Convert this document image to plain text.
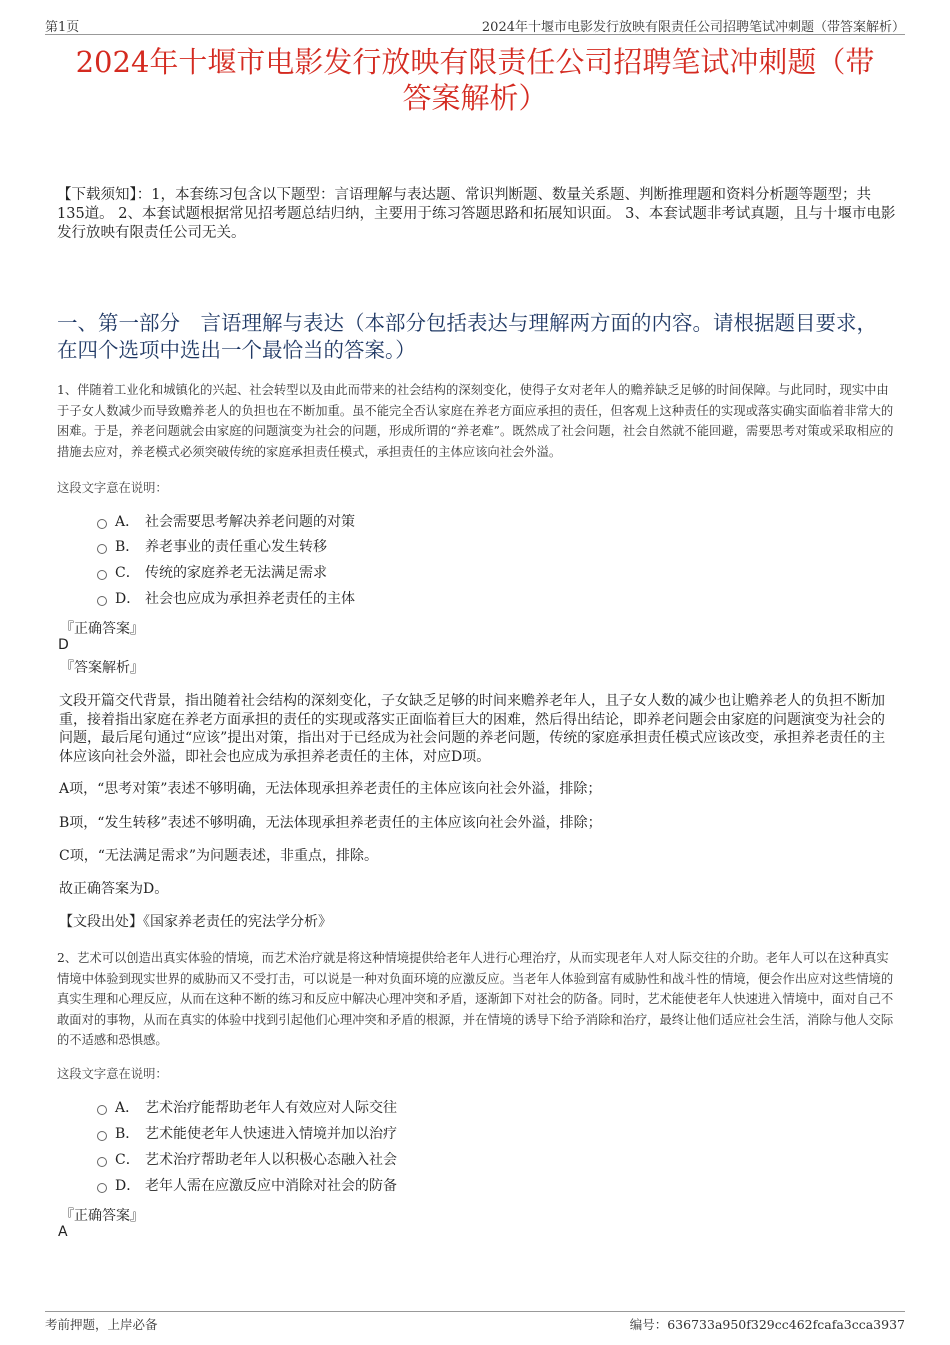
第1页	2024年十堰市电影发行放映有限责任公司招聘笔试冲刺题（带答案解析）
2024年十堰市电影发行放映有限责任公司招聘笔试冲刺题（带
答案解析）
【下载须知】：1，本套练习包含以下题型：言语理解与表达题、常识判断题、数量关系题、判断推理题和资料分析题等题型；共135道。 2、本套试题根据常见招考题总结归纳，主要用于练习答题思路和拓展知识面。 3、本套试题非考试真题，且与十堰市电影发行放映有限责任公司无关。
一、第一部分　言语理解与表达（本部分包括表达与理解两方面的内容。请根据题目要求，在四个选项中选出一个最恰当的答案。）
1、伴随着工业化和城镇化的兴起、社会转型以及由此而带来的社会结构的深刻变化，使得子女对老年人的赡养缺乏足够的时间保障。与此同时，现实中由于子女人数减少而导致赡养老人的负担也在不断加重。虽不能完全否认家庭在养老方面应承担的责任，但客观上这种责任的实现或落实确实面临着非常大的困难。于是，养老问题就会由家庭的问题演变为社会的问题，形成所谓的“养老难”。既然成了社会问题，社会自然就不能回避，需要思考对策或采取相应的措施去应对，养老模式必须突破传统的家庭承担责任模式，承担责任的主体应该向社会外溢。
这段文字意在说明：
A． 社会需要思考解决养老问题的对策
B． 养老事业的责任重心发生转移
C． 传统的家庭养老无法满足需求
D． 社会也应成为承担养老责任的主体
『正确答案』
D
『答案解析』
文段开篇交代背景，指出随着社会结构的深刻变化，子女缺乏足够的时间来赡养老年人，且子女人数的减少也让赡养老人的负担不断加重，接着指出家庭在养老方面承担的责任的实现或落实正面临着巨大的困难，然后得出结论，即养老问题会由家庭的问题演变为社会的问题，最后尾句通过“应该”提出对策，指出对于已经成为社会问题的养老问题，传统的家庭承担责任模式应该改变，承担养老责任的主体应该向社会外溢，即社会也应成为承担养老责任的主体，对应D项。
A项，“思考对策”表述不够明确，无法体现承担养老责任的主体应该向社会外溢，排除；
B项，“发生转移”表述不够明确，无法体现承担养老责任的主体应该向社会外溢，排除；
C项，“无法满足需求”为问题表述，非重点，排除。
故正确答案为D。
【文段出处】《国家养老责任的宪法学分析》
2、艺术可以创造出真实体验的情境，而艺术治疗就是将这种情境提供给老年人进行心理治疗，从而实现老年人对人际交往的介助。老年人可以在这种真实情境中体验到现实世界的威胁而又不受打击，可以说是一种对负面环境的应激反应。当老年人体验到富有威胁性和战斗性的情境，便会作出应对这些情境的真实生理和心理反应，从而在这种不断的练习和反应中解决心理冲突和矛盾，逐渐卸下对社会的防备。同时，艺术能使老年人快速进入情境中，面对自己不敢面对的事物，从而在真实的体验中找到引起他们心理冲突和矛盾的根源，并在情境的诱导下给予消除和治疗，最终让他们适应社会生活，消除与他人交际的不适感和恐惧感。
这段文字意在说明：
A． 艺术治疗能帮助老年人有效应对人际交往
B． 艺术能使老年人快速进入情境并加以治疗
C． 艺术治疗帮助老年人以积极心态融入社会
D． 老年人需在应激反应中消除对社会的防备
『正确答案』
A
考前押题，上岸必备	编号：636733a950f329cc462fcafa3cca3937
